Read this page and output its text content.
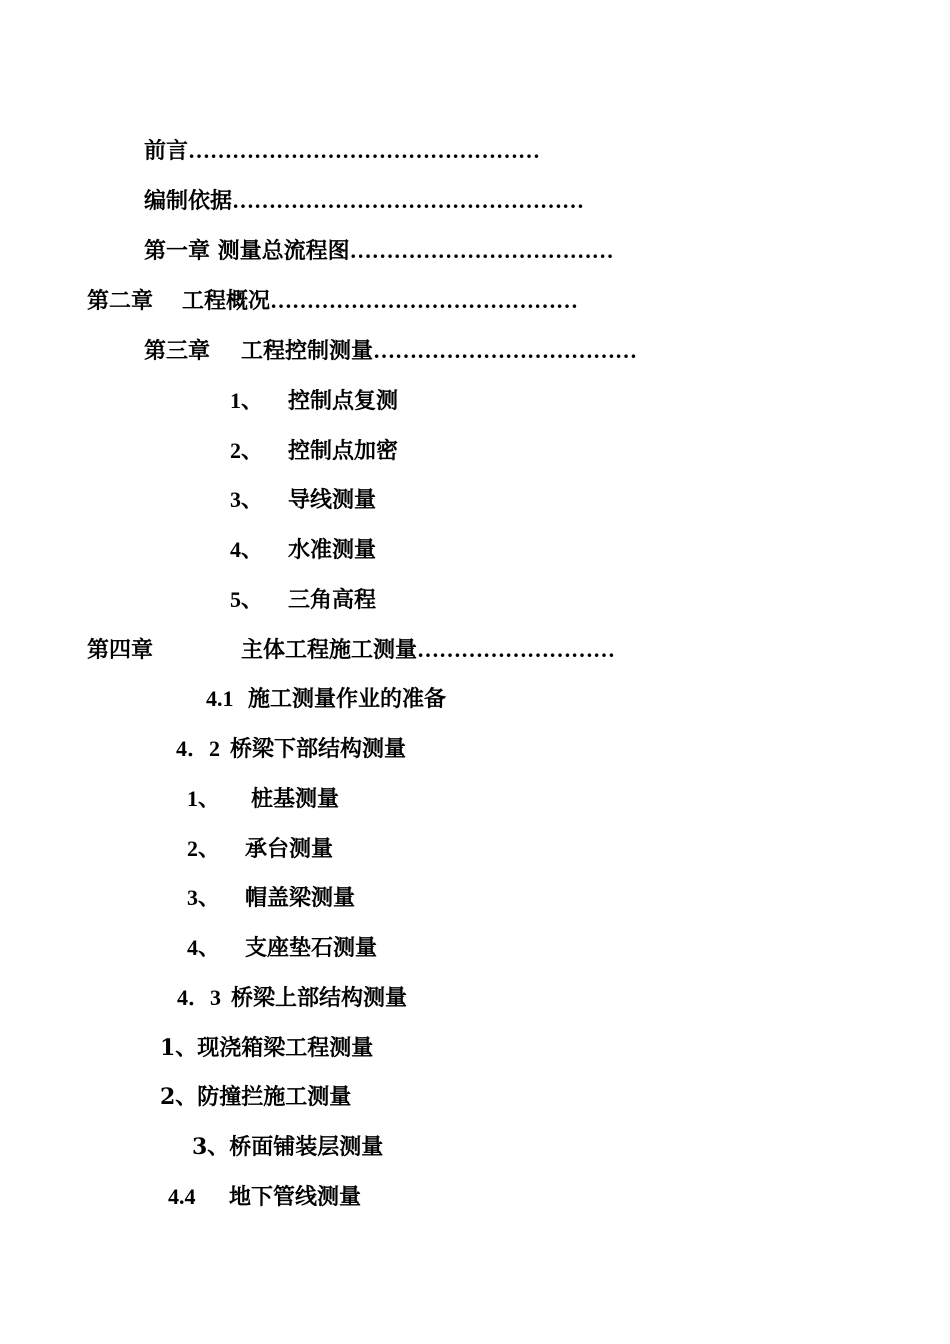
前言…………………………………………
编制依据…………………………………………
第一章 测量总流程图………………………………
第二章 工程概况……………………………………
第三章 工程控制测量………………………………
1、 控制点复测
2、 控制点加密
3、 导线测量
4、 水准测量
5、 三角高程
第四章	主体工程施工测量………………………
4.1 施工测量作业的准备
4．2 桥梁下部结构测量
1、 桩基测量
2、 承台测量
3、 帽盖梁测量
4、 支座垫石测量
4．3 桥梁上部结构测量
1、现浇箱梁工程测量
2、防撞拦施工测量
3、桥面铺装层测量
4.4 地下管线测量
